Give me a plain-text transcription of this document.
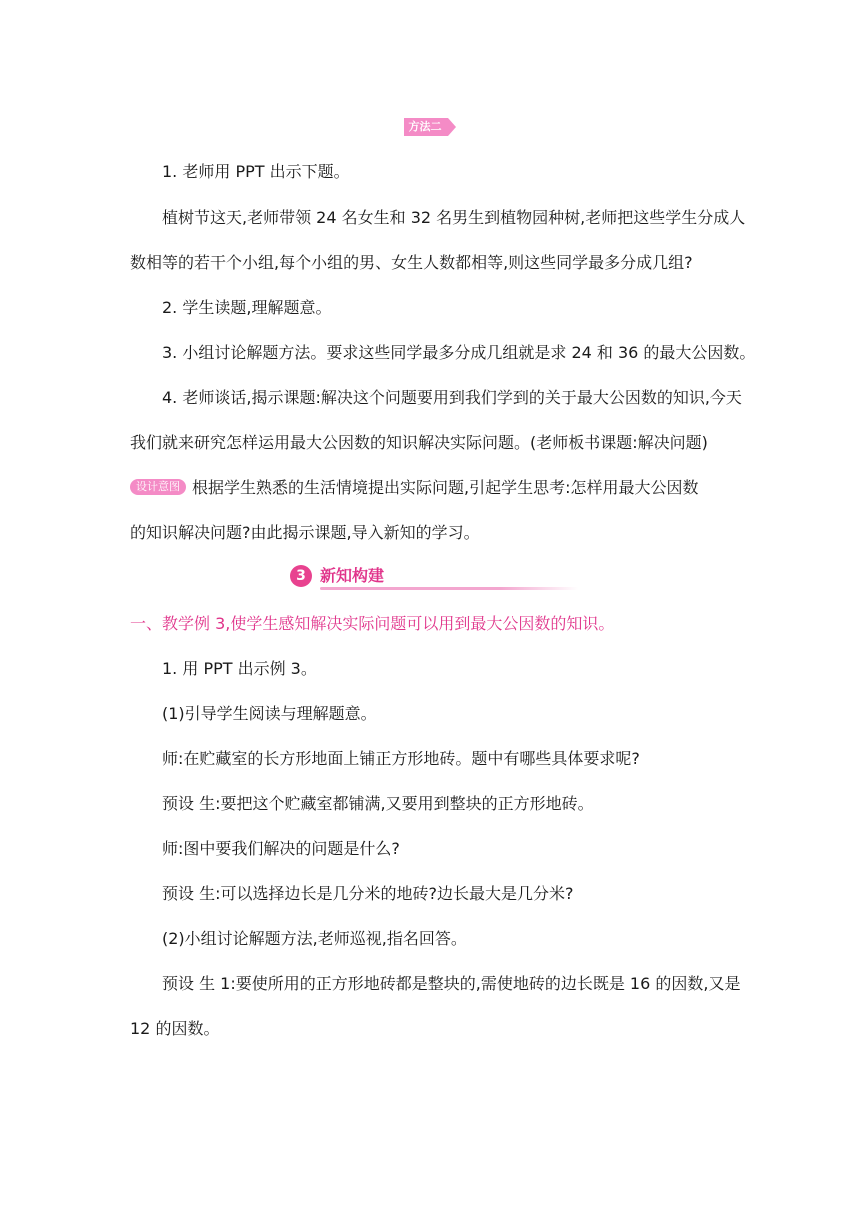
方法二
1. 老师用 PPT 出示下题。
植树节这天,老师带领 24 名女生和 32 名男生到植物园种树,老师把这些学生分成人
数相等的若干个小组,每个小组的男、女生人数都相等,则这些同学最多分成几组?
2. 学生读题,理解题意。
3. 小组讨论解题方法。要求这些同学最多分成几组就是求 24 和 36 的最大公因数。
4. 老师谈话,揭示课题:解决这个问题要用到我们学到的关于最大公因数的知识,今天
我们就来研究怎样运用最大公因数的知识解决实际问题。(老师板书课题:解决问题)
设计意图 根据学生熟悉的生活情境提出实际问题,引起学生思考:怎样用最大公因数
的知识解决问题?由此揭示课题,导入新知的学习。
3 新知构建
一、教学例 3,使学生感知解决实际问题可以用到最大公因数的知识。
1. 用 PPT 出示例 3。
(1)引导学生阅读与理解题意。
师:在贮藏室的长方形地面上铺正方形地砖。题中有哪些具体要求呢?
预设 生:要把这个贮藏室都铺满,又要用到整块的正方形地砖。
师:图中要我们解决的问题是什么?
预设 生:可以选择边长是几分米的地砖?边长最大是几分米?
(2)小组讨论解题方法,老师巡视,指名回答。
预设 生 1:要使所用的正方形地砖都是整块的,需使地砖的边长既是 16 的因数,又是
12 的因数。
